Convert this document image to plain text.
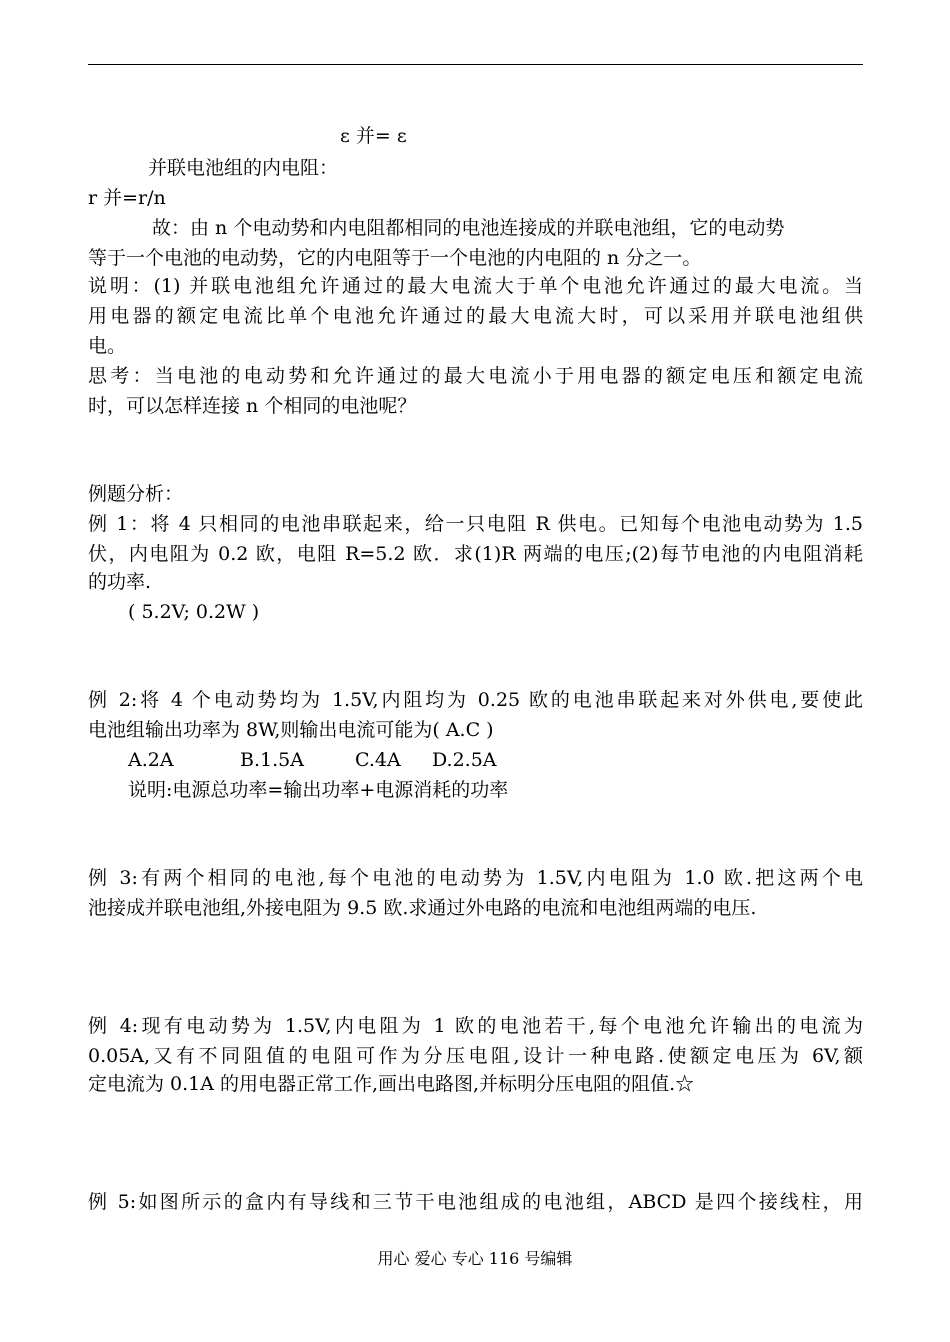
ε 并= ε
并联电池组的内电阻：
r 并=r/n
故：由 n 个电动势和内电阻都相同的电池连接成的并联电池组，它的电动势
等于一个电池的电动势，它的内电阻等于一个电池的内电阻的 n 分之一。
说明：(1) 并联电池组允许通过的最大电流大于单个电池允许通过的最大电流。当
用电器的额定电流比单个电池允许通过的最大电流大时，可以采用并联电池组供
电。
思考：当电池的电动势和允许通过的最大电流小于用电器的额定电压和额定电流
时，可以怎样连接 n 个相同的电池呢？
例题分析：
例 1：将 4 只相同的电池串联起来，给一只电阻 R 供电。已知每个电池电动势为 1.5
伏，内电阻为 0.2 欧，电阻 R=5.2 欧．求(1)R 两端的电压;(2)每节电池的内电阻消耗
的功率.
( 5.2V; 0.2W )
例 2:将 4 个电动势均为 1.5V,内阻均为 0.25 欧的电池串联起来对外供电,要使此
电池组输出功率为 8W,则输出电流可能为( A.C )
A.2A	B.1.5A	C.4A	D.2.5A
说明:电源总功率=输出功率+电源消耗的功率
例 3:有两个相同的电池,每个电池的电动势为 1.5V,内电阻为 1.0 欧.把这两个电
池接成并联电池组,外接电阻为 9.5 欧.求通过外电路的电流和电池组两端的电压.
例 4:现有电动势为 1.5V,内电阻为 1 欧的电池若干,每个电池允许输出的电流为
0.05A,又有不同阻值的电阻可作为分压电阻,设计一种电路.使额定电压为 6V,额
定电流为 0.1A 的用电器正常工作,画出电路图,并标明分压电阻的阻值.☆
例 5:如图所示的盒内有导线和三节干电池组成的电池组，ABCD 是四个接线柱，用
用心 爱心 专心 116 号编辑
